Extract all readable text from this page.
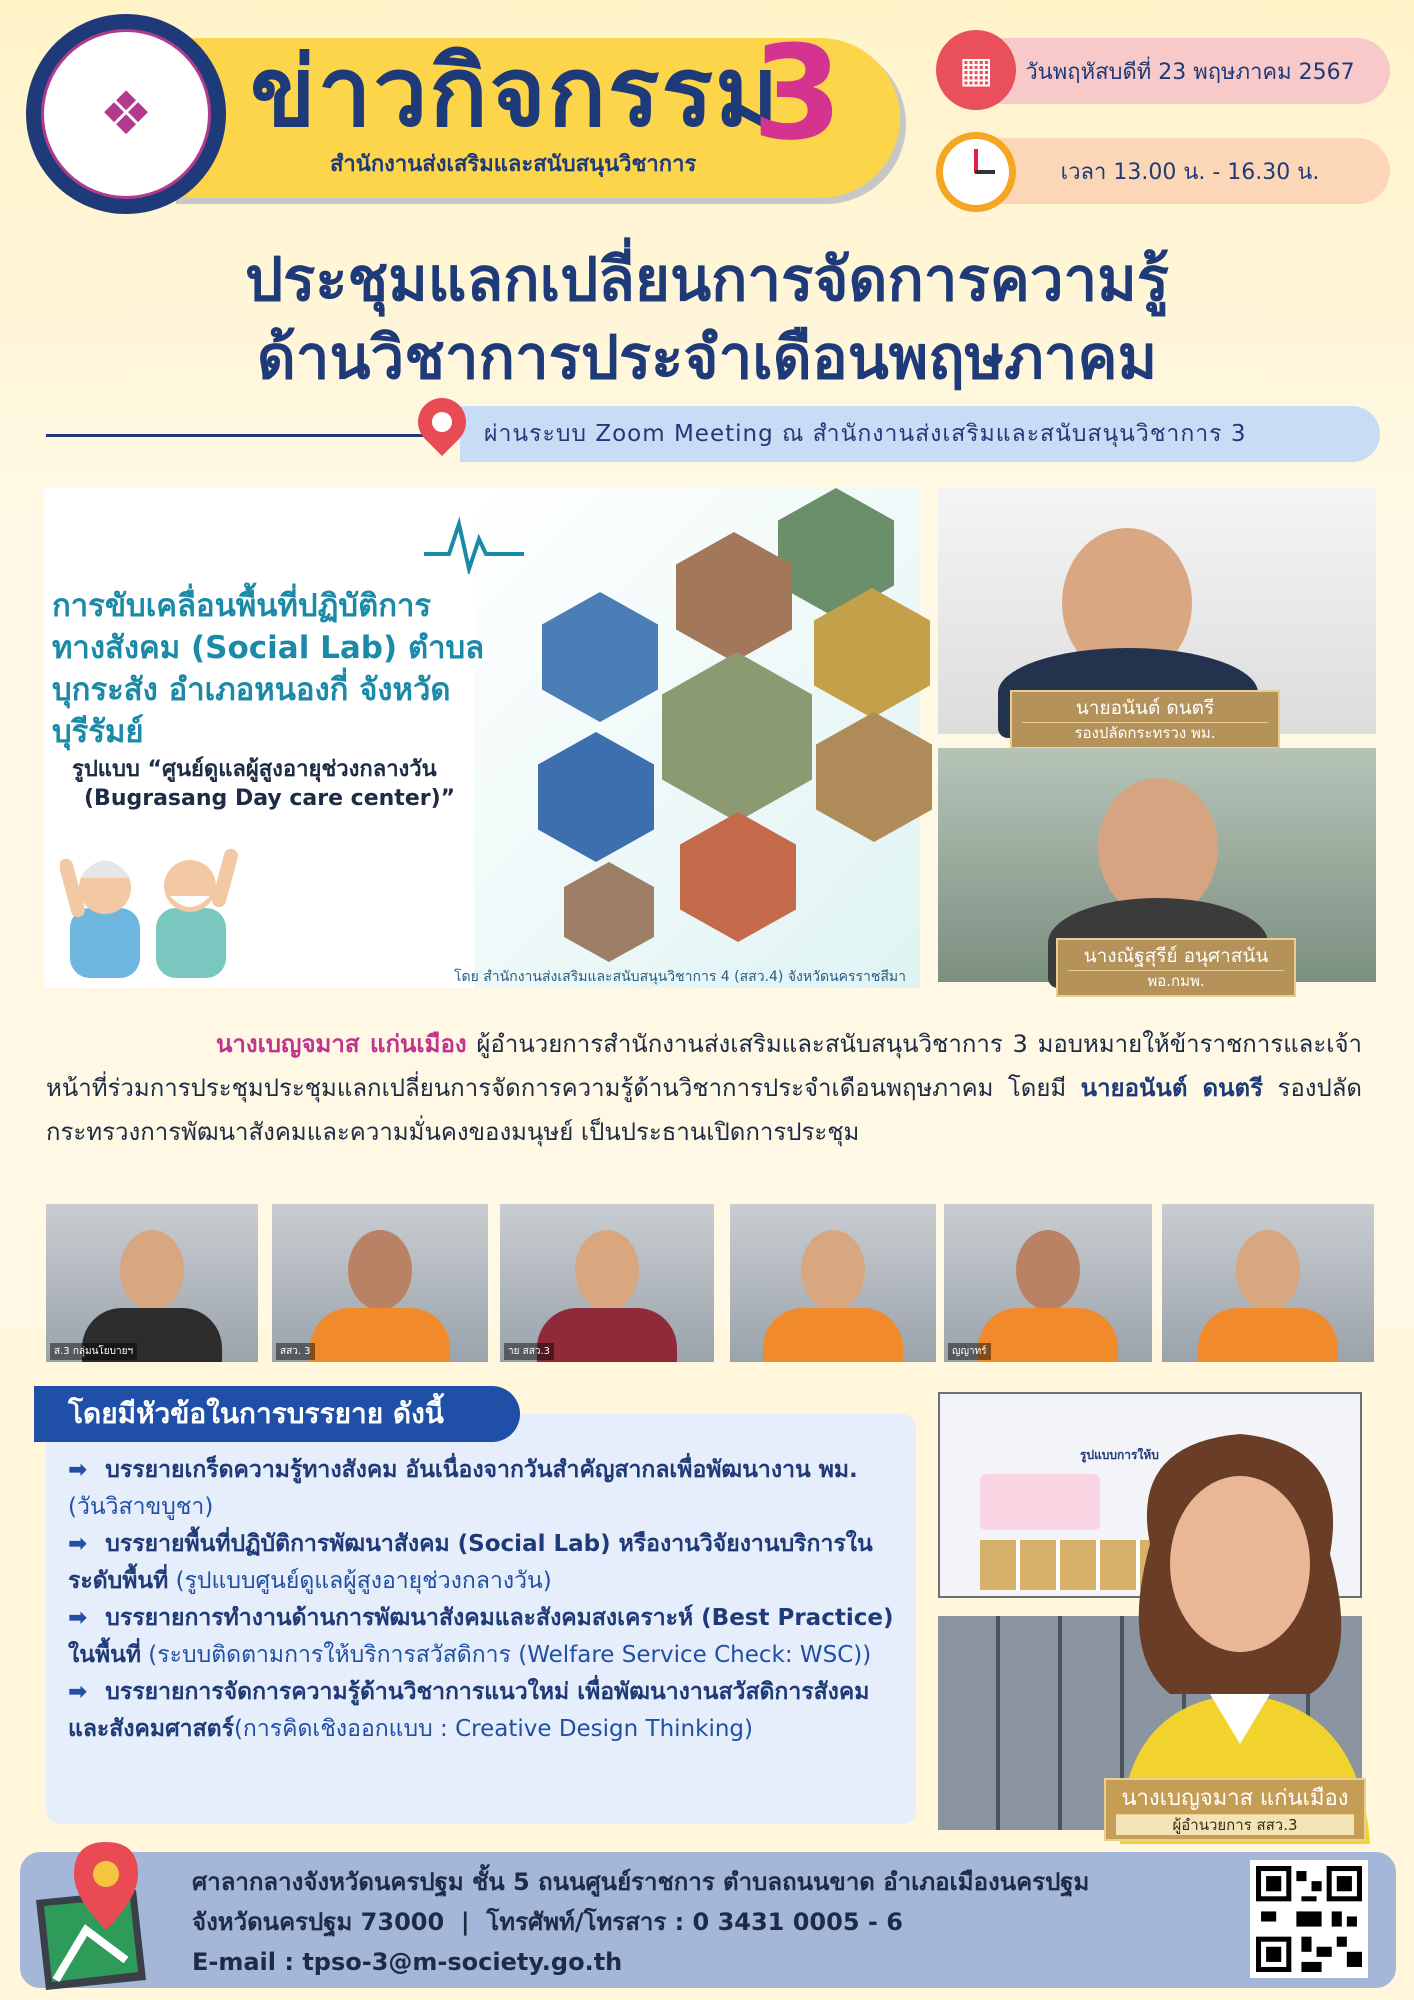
❖	ข่าวกิจกรรม
3
สำนักงานส่งเสริมและสนับสนุนวิชาการ
วันพฤหัสบดีที่ 23 พฤษภาคม 2567
▦
เวลา 13.00 น. - 16.30 น.
ประชุมแลกเปลี่ยนการจัดการความรู้
ด้านวิชาการประจำเดือนพฤษภาคม
ผ่านระบบ Zoom Meeting ณ สำนักงานส่งเสริมและสนับสนุนวิชาการ 3
การขับเคลื่อนพื้นที่ปฏิบัติการ ทางสังคม (Social Lab) ตำบลบุกระสัง อำเภอหนองกี่ จังหวัดบุรีรัมย์
รูปแบบ “ศูนย์ดูแลผู้สูงอายุช่วงกลางวัน
(Bugrasang Day care center)”
โดย สำนักงานส่งเสริมและสนับสนุนวิชาการ 4 (สสว.4) จังหวัดนครราชสีมา
นายอนันต์ ดนตรี
รองปลัดกระทรวง พม.
นางณัฐสุรีย์ อนุศาสนัน
พอ.กมพ.
นางเบญจมาส แก่นเมือง ผู้อำนวยการสำนักงานส่งเสริมและสนับสนุนวิชาการ 3 มอบหมายให้ข้าราชการและเจ้าหน้าที่ร่วมการประชุมประชุมแลกเปลี่ยนการจัดการความรู้ด้านวิชาการประจำเดือนพฤษภาคม โดยมี นายอนันต์ ดนตรี รองปลัดกระทรวงการพัฒนาสังคมและความมั่นคงของมนุษย์ เป็นประธานเปิดการประชุม
ส.3 กลุ่มนโยบายฯ	สสว. 3	าย สสว.3	ญญาทร์
โดยมีหัวข้อในการบรรยาย ดังนี้
➡ บรรยายเกร็ดความรู้ทางสังคม อันเนื่องจากวันสำคัญสากลเพื่อพัฒนางาน พม. (วันวิสาขบูชา)
➡ บรรยายพื้นที่ปฏิบัติการพัฒนาสังคม (Social Lab) หรืองานวิจัยงานบริการในระดับพื้นที่ (รูปแบบศูนย์ดูแลผู้สูงอายุช่วงกลางวัน)
➡ บรรยายการทำงานด้านการพัฒนาสังคมและสังคมสงเคราะห์ (Best Practice) ในพื้นที่ (ระบบติดตามการให้บริการสวัสดิการ (Welfare Service Check: WSC))
➡ บรรยายการจัดการความรู้ด้านวิชาการแนวใหม่ เพื่อพัฒนางานสวัสดิการสังคมและสังคมศาสตร์(การคิดเชิงออกแบบ : Creative Design Thinking)
รูปแบบการให้บ
นางเบญจมาส แก่นเมือง
ผู้อำนวยการ สสว.3
ศาลากลางจังหวัดนครปฐม ชั้น 5 ถนนศูนย์ราชการ ตำบลถนนขาด อำเภอเมืองนครปฐม
จังหวัดนครปฐม 73000  |  โทรศัพท์/โทรสาร : 0 3431 0005 - 6
E-mail : tpso-3@m-society.go.th
